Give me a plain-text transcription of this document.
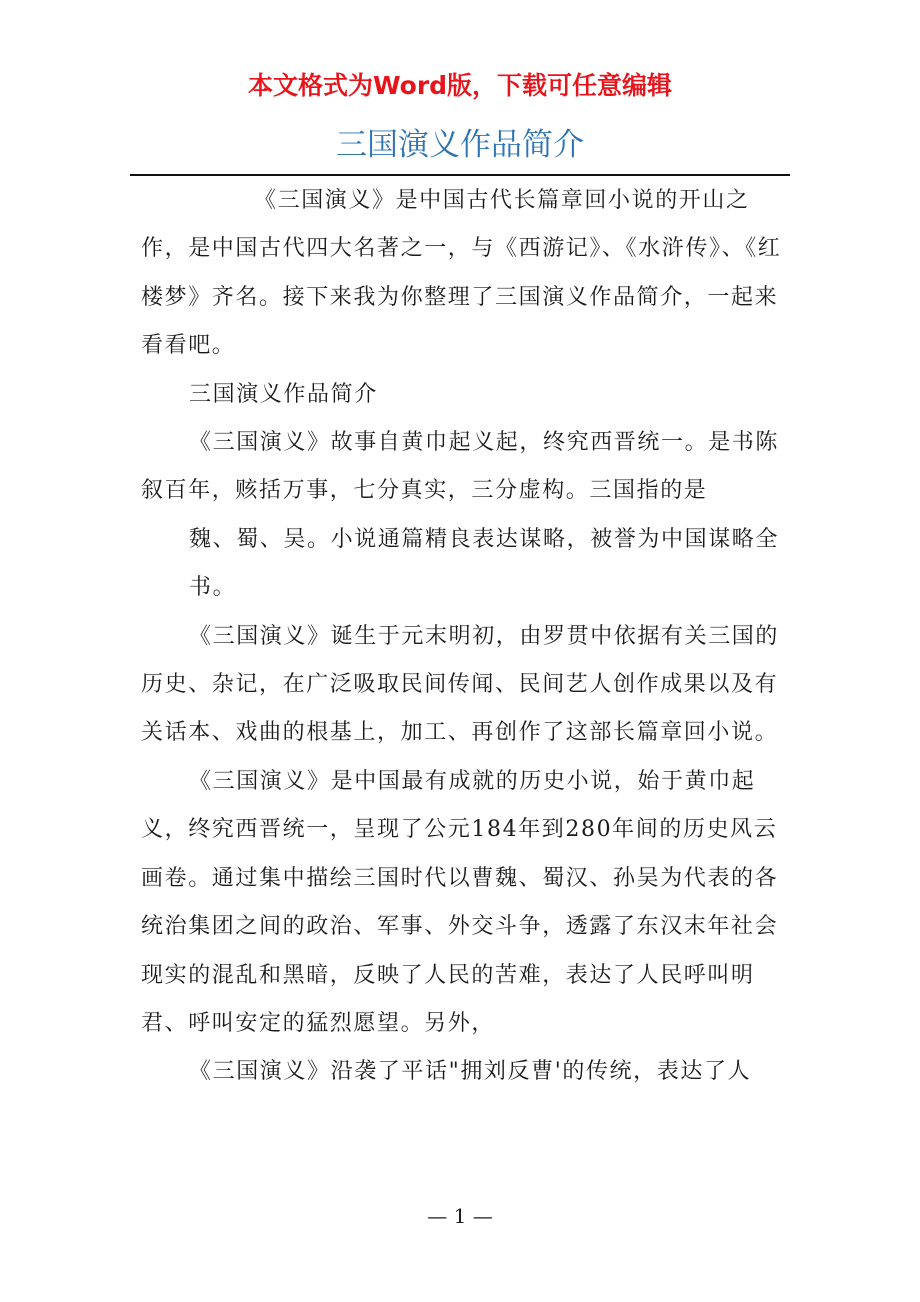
本文格式为Word版，下载可任意编辑
三国演义作品简介

《三国演义》是中国古代长篇章回小说的开山之作，是中国古代四大名著之一，与《西游记》、《水浒传》、《红楼梦》齐名。接下来我为你整理了三国演义作品简介，一起来看看吧。

三国演义作品简介

《三国演义》故事自黄巾起义起，终究西晋统一。是书陈叙百年，赅括万事，七分真实，三分虚构。三国指的是

魏、蜀、吴。小说通篇精良表达谋略，被誉为中国谋略全书。

《三国演义》诞生于元末明初，由罗贯中依据有关三国的历史、杂记，在广泛吸取民间传闻、民间艺人创作成果以及有关话本、戏曲的根基上，加工、再创作了这部长篇章回小说。

《三国演义》是中国最有成就的历史小说，始于黄巾起义，终究西晋统一，呈现了公元184年到280年间的历史风云画卷。通过集中描绘三国时代以曹魏、蜀汉、孙吴为代表的各统治集团之间的政治、军事、外交斗争，透露了东汉末年社会现实的混乱和黑暗，反映了人民的苦难，表达了人民呼叫明君、呼叫安定的猛烈愿望。另外，

《三国演义》沿袭了平话"拥刘反曹'的传统，表达了人

— 1 —
